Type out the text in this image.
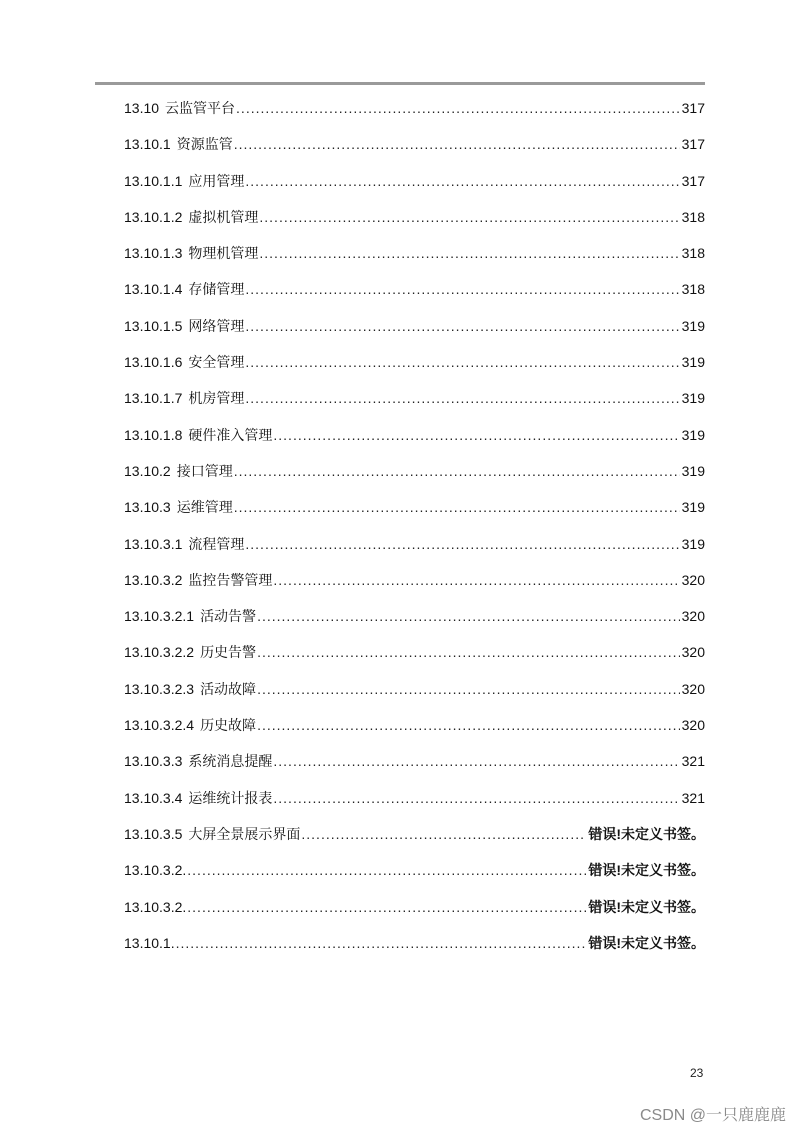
13.10 云监管平台 .....	317
13.10.1 资源监管 .....	317
13.10.1.1 应用管理 .....	317
13.10.1.2 虚拟机管理 .....	318
13.10.1.3 物理机管理 .....	318
13.10.1.4 存储管理 .....	318
13.10.1.5 网络管理 .....	319
13.10.1.6 安全管理 .....	319
13.10.1.7 机房管理 .....	319
13.10.1.8 硬件准入管理 .....	319
13.10.2 接口管理 .....	319
13.10.3 运维管理 .....	319
13.10.3.1 流程管理 .....	319
13.10.3.2 监控告警管理 .....	320
13.10.3.2.1 活动告警 .....	320
13.10.3.2.2 历史告警 .....	320
13.10.3.2.3 活动故障 .....	320
13.10.3.2.4 历史故障 .....	320
13.10.3.3 系统消息提醒 .....	321
13.10.3.4 运维统计报表 .....	321
13.10.3.5 大屏全景展示界面 .....	错误!未定义书签。
13.10.3.2. .....	错误!未定义书签。
13.10.3.2. .....	错误!未定义书签。
13.10.1. .....	错误!未定义书签。
23
CSDN @一只鹿鹿鹿
